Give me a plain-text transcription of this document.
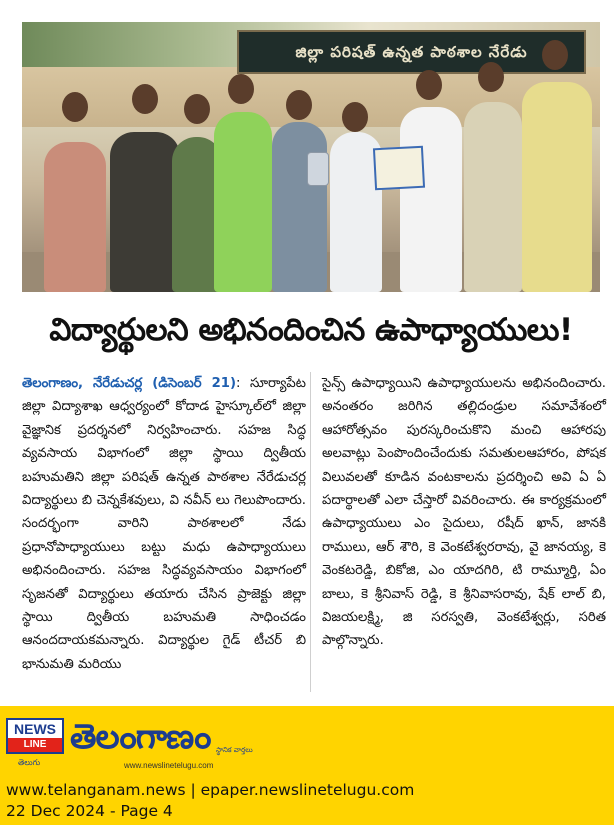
జిల్లా పరిషత్ ఉన్నత పాఠశాల నేరేడు
విద్యార్థులని అభినందించిన ఉపాధ్యాయులు!

తెలంగాణం, నేరేడుచర్ల (డిసెంబర్ 21): సూర్యాపేట జిల్లా విద్యాశాఖ ఆధ్వర్యంలో కోదాడ హైస్కూల్‌లో జిల్లా వైజ్ఞానిక ప్రదర్శనలో నిర్వహించారు. సహజ సిద్ధ వ్యవసాయ విభాగంలో జిల్లా స్థాయి ద్వితీయ బహుమతిని జిల్లా పరిషత్ ఉన్నత పాఠశాల నేరేడుచర్ల విద్యార్థులు బి చెన్నకేశవులు, వి నవీన్ లు గెలుపొందారు. సందర్భంగా వారిని పాఠశాలలో నేడు ప్రధానోపాధ్యాయులు బట్టు మధు ఉపాధ్యాయులు అభినందించారు. సహజ సిద్ధవ్యవసాయం విభాగంలో సృజనతో విద్యార్థులు తయారు చేసిన ప్రాజెక్టు జిల్లా స్థాయి ద్వితీయ బహుమతి సాధించడం ఆనందదాయకమన్నారు. విద్యార్థుల గైడ్ టీచర్ బి భానుమతి మరియు

సైన్స్ ఉపాధ్యాయిని ఉపాధ్యాయులను అభినందించారు. అనంతరం జరిగిన తల్లిదండ్రుల సమావేశంలో ఆహారోత్సవం పురస్కరించుకొని మంచి ఆహారపు అలవాట్లు పెంపొందించేందుకు సమతులఆహారం, పోషక విలువలతో కూడిన వంటకాలను ప్రదర్శించి అవి ఏ ఏ పదార్థాలతో ఎలా చేస్తారో వివరించారు. ఈ కార్యక్రమంలో ఉపాధ్యాయులు ఎం సైదులు, రషీద్ ఖాన్, జానకి రాములు, ఆర్ శౌరి, కె వెంకటేశ్వరరావు, వై జానయ్య, కె వెంకటరెడ్డి, బికోజి, ఎం యాదగిరి, టి రామ్మూర్తి, ఏం బాలు, కె శ్రీనివాస్ రెడ్డి, కె శ్రీనివాసరావు, షేక్ లాల్ బి, విజయలక్ష్మి, జి సరస్వతి, వెంకటేశ్వర్లు, సరిత పాల్గొన్నారు.

NEWS
LINE
తెలుగు
తెలంగాణం
www.newslinetelugu.com
స్థానిక వార్తలు
www.telanganam.news | epaper.newslinetelugu.com
22 Dec 2024 - Page 4
